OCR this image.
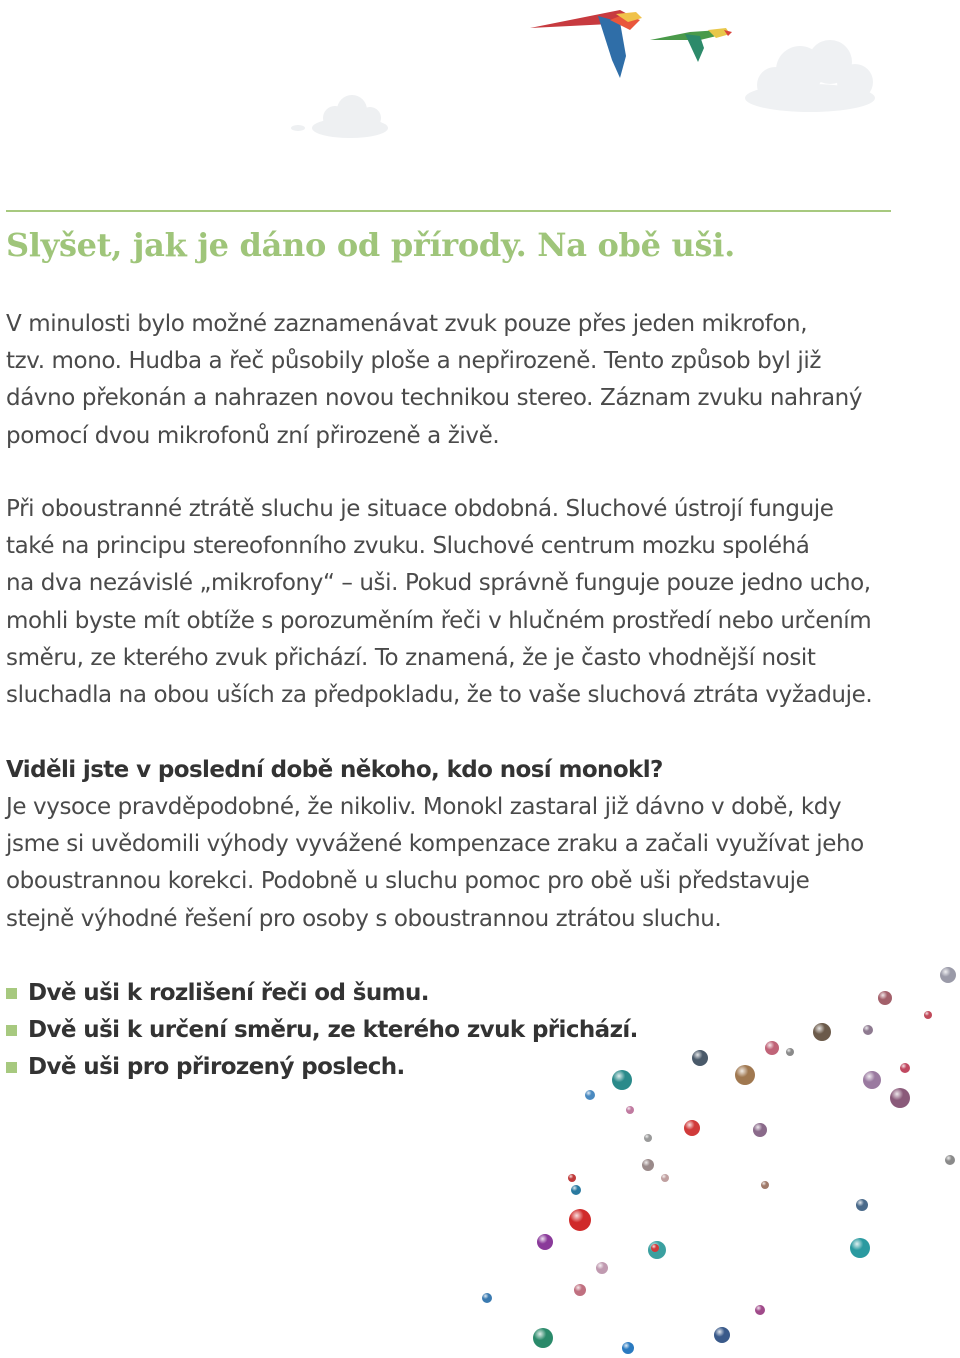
Slyšet, jak je dáno od přírody. Na obě uši.

V minulosti bylo možné zaznamenávat zvuk pouze přes jeden mikrofon,
tzv. mono. Hudba a řeč působily ploše a nepřirozeně. Tento způsob byl již
dávno překonán a nahrazen novou technikou stereo. Záznam zvuku nahraný
pomocí dvou mikrofonů zní přirozeně a živě.

Při oboustranné ztrátě sluchu je situace obdobná. Sluchové ústrojí funguje
také na principu stereofonního zvuku. Sluchové centrum mozku spoléhá
na dva nezávislé „mikrofony“ – uši. Pokud správně funguje pouze jedno ucho,
mohli byste mít obtíže s porozuměním řeči v hlučném prostředí nebo určením
směru, ze kterého zvuk přichází. To znamená, že je často vhodnější nosit
sluchadla na obou uších za předpokladu, že to vaše sluchová ztráta vyžaduje.

Viděli jste v poslední době někoho, kdo nosí monokl?

Je vysoce pravděpodobné, že nikoliv. Monokl zastaral již dávno v době, kdy
jsme si uvědomili výhody vyvážené kompenzace zraku a začali využívat jeho
oboustrannou korekci. Podobně u sluchu pomoc pro obě uši představuje
stejně výhodné řešení pro osoby s oboustrannou ztrátou sluchu.

Dvě uši k rozlišení řeči od šumu.
Dvě uši k určení směru, ze kterého zvuk přichází.
Dvě uši pro přirozený poslech.
